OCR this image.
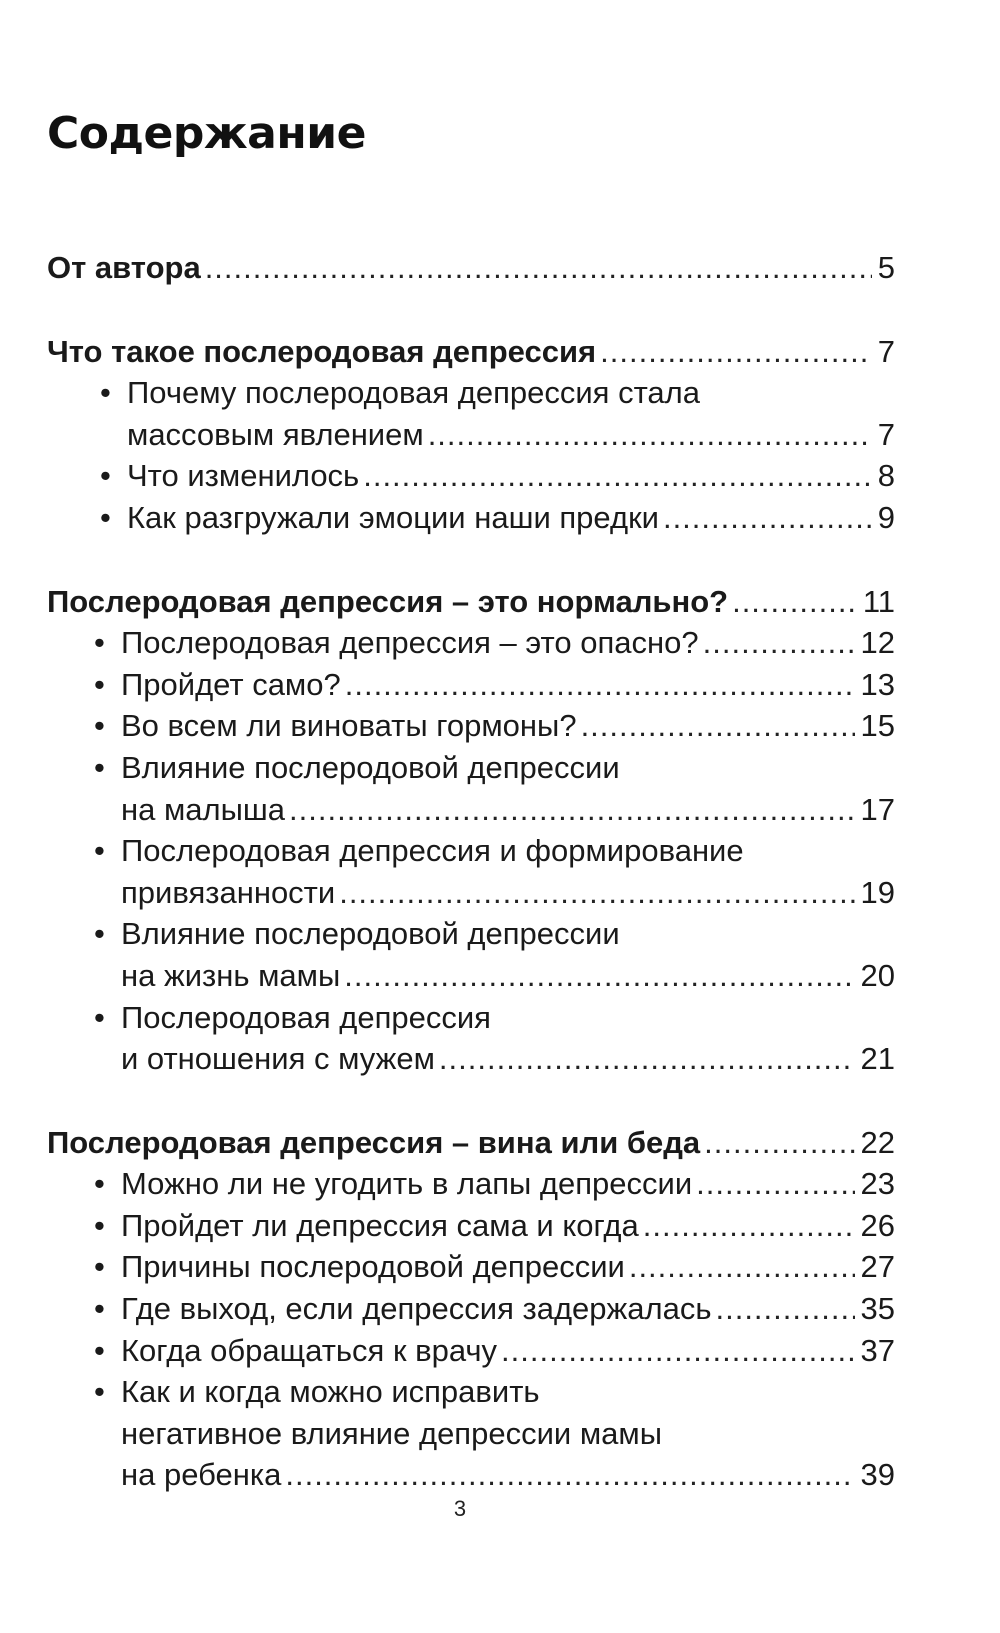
Содержание
От автора .....	5
Что такое послеродовая депрессия .....	7
• Почему послеродовая депрессия стала
массовым явлением .....	7
• Что изменилось .....	8
• Как разгружали эмоции наши предки .....	9
Послеродовая депрессия – это нормально? .....	11
• Послеродовая депрессия – это опасно? .....	12
• Пройдет само? .....	13
• Во всем ли виноваты гормоны? .....	15
• Влияние послеродовой депрессии
на малыша .....	17
• Послеродовая депрессия и формирование
привязанности .....	19
• Влияние послеродовой депрессии
на жизнь мамы .....	20
• Послеродовая депрессия
и отношения с мужем .....	21
Послеродовая депрессия – вина или беда .....	22
• Можно ли не угодить в лапы депрессии .....	23
• Пройдет ли депрессия сама и когда .....	26
• Причины послеродовой депрессии .....	27
• Где выход, если депрессия задержалась .....	35
• Когда обращаться к врачу .....	37
• Как и когда можно исправить
негативное влияние депрессии мамы
на ребенка .....	39
3
